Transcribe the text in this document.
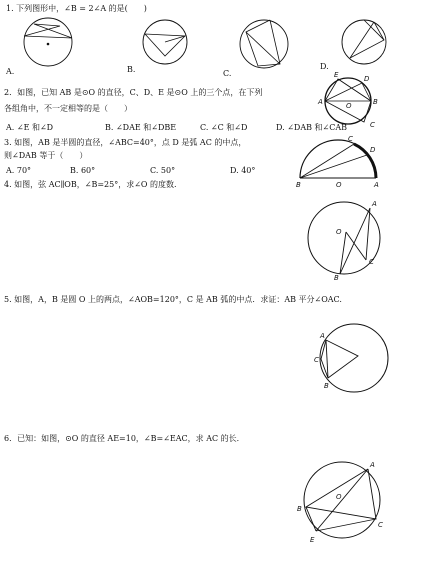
1. 下列图形中，∠B = 2∠A 的是(　　)
A.	B.	C.
D.
2．如图，已知 AB 是⊙O 的直径，C、D、E 是⊙O 上的三个点，在下列
各组角中，不一定相等的是（　　）
A. ∠E 和∠D	B. ∠DAE 和∠DBE	C. ∠C 和∠D	D. ∠DAB 和∠CAB
E	D
A	O	B
C
3. 如图，AB 是半圆的直径，∠ABC=40°，点 D 是弧 AC 的中点，
则∠DAB 等于（　　）
A. 70°	B. 60°	C. 50°	D. 40°
C
D
B	O	A
4. 如图，弦 AC∥OB，∠B=25°，求∠O 的度数.
A
O
C
B
5. 如图，A，B 是圆 O 上的两点，∠AOB=120°，C 是 AB 弧的中点．求证：AB 平分∠OAC.
A
C
B
6．已知：如图，⊙O 的直径 AE=10，∠B=∠EAC，求 AC 的长．
A
O
B
E
C
